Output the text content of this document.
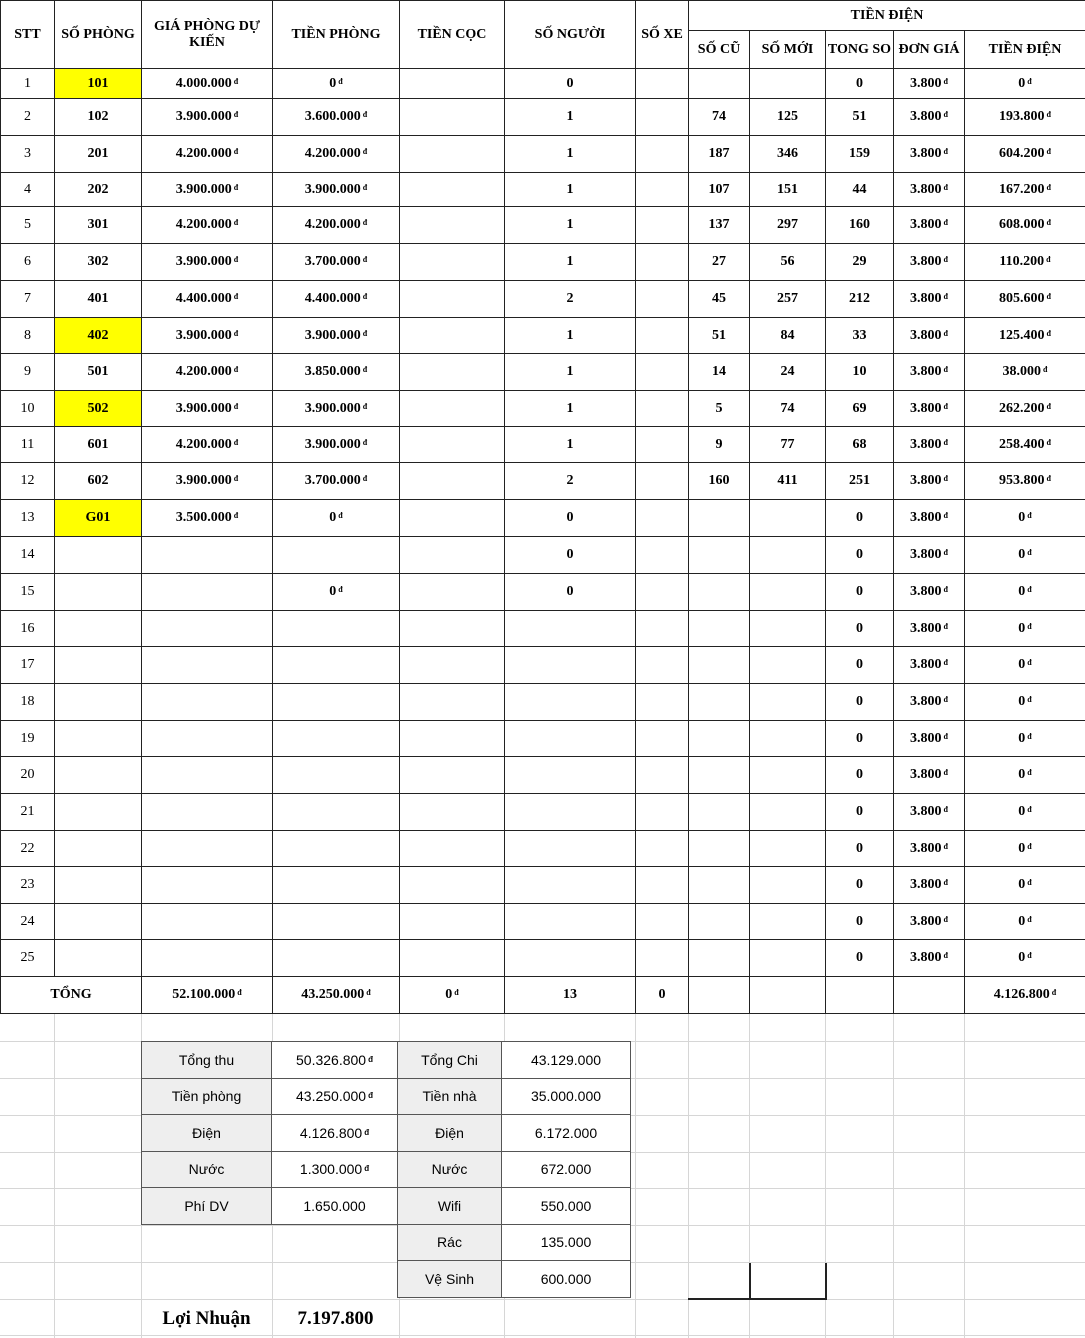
STT	SỐ PHÒNG	GIÁ PHÒNG DỰ KIẾN	TIỀN PHÒNG	TIỀN CỌC	SỐ NGƯỜI	SỐ XE	TIỀN ĐIỆN				
							SỐ CŨ	SỐ MỚI	TONG SO	ĐƠN GIÁ	TIỀN ĐIỆN
1	101	4.000.000 $^đ$	0 $^đ$		0				0	3.800 $^đ$	0 $^đ$
2	102	3.900.000 $^đ$	3.600.000 $^đ$		1		74	125	51	3.800 $^đ$	193.800 $^đ$
3	201	4.200.000 $^đ$	4.200.000 $^đ$		1		187	346	159	3.800 $^đ$	604.200 $^đ$
4	202	3.900.000 $^đ$	3.900.000 $^đ$		1		107	151	44	3.800 $^đ$	167.200 $^đ$
5	301	4.200.000 $^đ$	4.200.000 $^đ$		1		137	297	160	3.800 $^đ$	608.000 $^đ$
6	302	3.900.000 $^đ$	3.700.000 $^đ$		1		27	56	29	3.800 $^đ$	110.200 $^đ$
7	401	4.400.000 $^đ$	4.400.000 $^đ$		2		45	257	212	3.800 $^đ$	805.600 $^đ$
8	402	3.900.000 $^đ$	3.900.000 $^đ$		1		51	84	33	3.800 $^đ$	125.400 $^đ$
9	501	4.200.000 $^đ$	3.850.000 $^đ$		1		14	24	10	3.800 $^đ$	38.000 $^đ$
10	502	3.900.000 $^đ$	3.900.000 $^đ$		1		5	74	69	3.800 $^đ$	262.200 $^đ$
11	601	4.200.000 $^đ$	3.900.000 $^đ$		1		9	77	68	3.800 $^đ$	258.400 $^đ$
12	602	3.900.000 $^đ$	3.700.000 $^đ$		2		160	411	251	3.800 $^đ$	953.800 $^đ$
13	G01	3.500.000 $^đ$	0 $^đ$		0				0	3.800 $^đ$	0 $^đ$
14					0				0	3.800 $^đ$	0 $^đ$
15			0 $^đ$		0				0	3.800 $^đ$	0 $^đ$
16									0	3.800 $^đ$	0 $^đ$
17									0	3.800 $^đ$	0 $^đ$
18									0	3.800 $^đ$	0 $^đ$
19									0	3.800 $^đ$	0 $^đ$
20									0	3.800 $^đ$	0 $^đ$
21									0	3.800 $^đ$	0 $^đ$
22									0	3.800 $^đ$	0 $^đ$
23									0	3.800 $^đ$	0 $^đ$
24									0	3.800 $^đ$	0 $^đ$
25									0	3.800 $^đ$	0 $^đ$
TỔNG		52.100.000 $^đ$	43.250.000 $^đ$	0 $^đ$	13	0					4.126.800 $^đ$
Tổng thu	50.326.800 $^đ$	Tổng Chi	43.129.000
Tiền phòng	43.250.000 $^đ$	Tiền nhà	35.000.000
Điện	4.126.800 $^đ$	Điện	6.172.000
Nước	1.300.000 $^đ$	Nước	672.000
Phí DV	1.650.000	Wifi	550.000
		Rác	135.000
		Vệ Sinh	600.000
Lợi Nhuận	7.197.800
